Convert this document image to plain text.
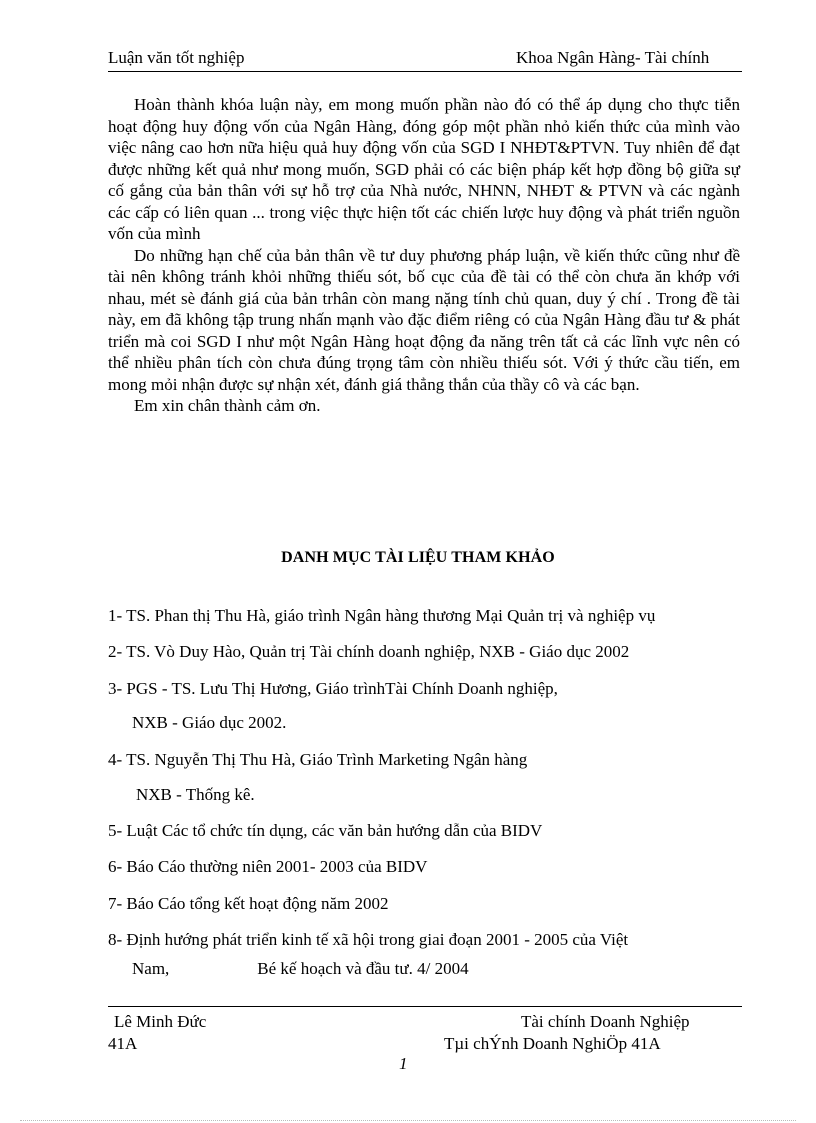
Luận văn tốt nghiệp	Khoa Ngân Hàng- Tài chính

Hoàn thành khóa luận này, em mong muốn phần nào đó có thể áp dụng cho thực tiễn hoạt động huy động vốn của Ngân Hàng, đóng góp một phần nhỏ kiến thức của mình vào việc nâng cao hơn nữa hiệu quả huy động vốn của SGD I NHĐT&PTVN. Tuy nhiên để đạt được những kết quả như mong muốn, SGD phải có các biện pháp kết hợp đồng bộ giữa sự cố gắng của bản thân với sự hỗ trợ của Nhà nước, NHNN, NHĐT & PTVN và các ngành các cấp có liên quan ... trong việc thực hiện tốt các chiến lược huy động và phát triển nguồn vốn của mình

Do những hạn chế của bản thân về tư duy phương pháp luận, về kiến thức cũng như đề tài nên không tránh khỏi những thiếu sót, bố cục của đề tài có thể còn chưa ăn khớp với nhau, mét sè đánh giá của bản trhân còn mang nặng tính chủ quan, duy ý chí . Trong đề tài này, em đã không tập trung nhấn mạnh vào đặc điểm riêng có của Ngân Hàng đầu tư & phát triển mà coi SGD I như một Ngân Hàng hoạt động đa năng trên tất cả các lĩnh vực nên có thể nhiều phân tích còn chưa đúng trọng tâm còn nhiều thiếu sót. Với ý thức cầu tiến, em mong mỏi nhận được sự nhận xét, đánh giá thẳng thắn của thầy cô và các bạn.

Em xin chân thành cảm ơn.

DANH MỤC TÀI LIỆU THAM KHẢO
1- TS. Phan thị Thu Hà, giáo trình Ngân hàng thương Mại Quản trị và nghiệp vụ
2- TS. Vò Duy Hào, Quản trị Tài chính doanh nghiệp, NXB - Giáo dục 2002
3- PGS - TS. Lưu Thị Hương, Giáo trìnhTài Chính Doanh nghiệp,
NXB - Giáo dục 2002.
4- TS. Nguyễn Thị Thu Hà, Giáo Trình Marketing Ngân hàng
NXB - Thống kê.
5- Luật Các tổ chức tín dụng, các văn bản hướng dẫn của BIDV
6- Báo Cáo thường niên 2001- 2003 của BIDV
7- Báo Cáo tổng kết hoạt động năm 2002
8- Định hướng phát triển kinh tế xã hội trong giai đoạn 2001 - 2005 của Việt
Nam,	Bé kế hoạch và đầu tư. 4/ 2004
Lê Minh Đức	Tài chính Doanh Nghiệp
41A	Tµi chÝnh Doanh NghiÖp 41A
1
